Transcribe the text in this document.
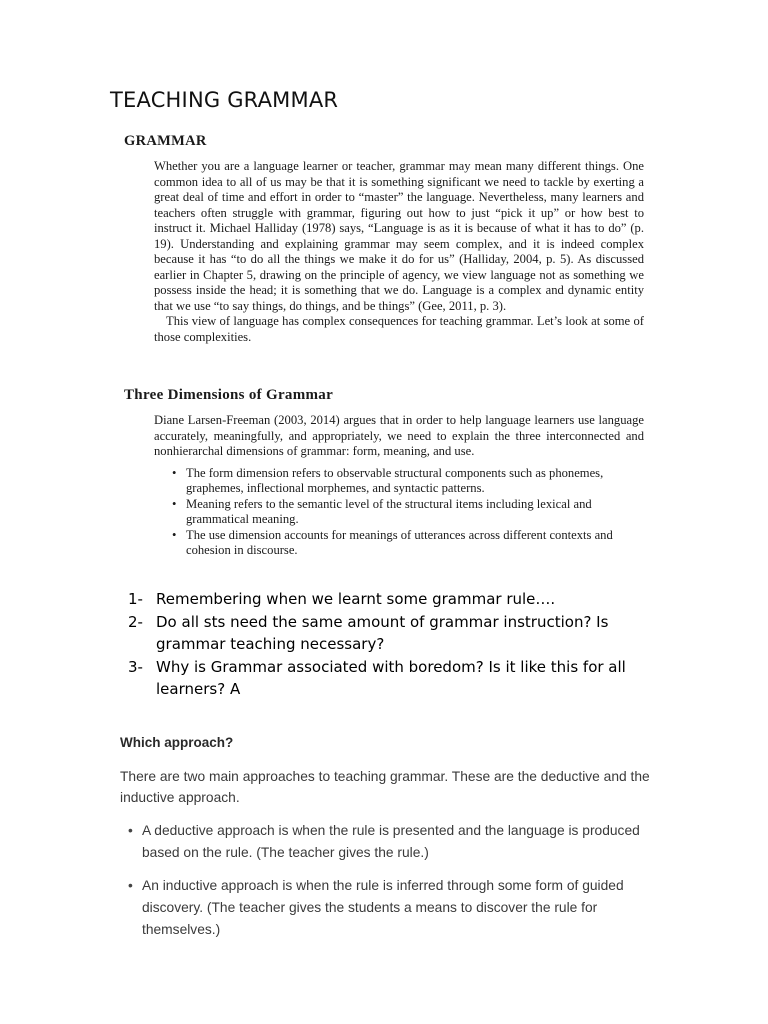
TEACHING GRAMMAR
GRAMMAR

Whether you are a language learner or teacher, grammar may mean many different things. One common idea to all of us may be that it is something significant we need to tackle by exerting a great deal of time and effort in order to “master” the language. Nevertheless, many learners and teachers often struggle with grammar, figuring out how to just “pick it up” or how best to instruct it. Michael Halliday (1978) says, “Language is as it is because of what it has to do” (p. 19). Understanding and explaining grammar may seem complex, and it is indeed complex because it has “to do all the things we make it do for us” (Halliday, 2004, p. 5). As discussed earlier in Chapter 5, drawing on the principle of agency, we view language not as something we possess inside the head; it is something that we do. Language is a complex and dynamic entity that we use “to say things, do things, and be things” (Gee, 2011, p. 3).

This view of language has complex consequences for teaching grammar. Let’s look at some of those complexities.

Three Dimensions of Grammar

Diane Larsen-Freeman (2003, 2014) argues that in order to help language learners use language accurately, meaningfully, and appropriately, we need to explain the three interconnected and nonhierarchal dimensions of grammar: form, meaning, and use.

• The form dimension refers to observable structural components such as phonemes, graphemes, inflectional morphemes, and syntactic patterns.
• Meaning refers to the semantic level of the structural items including lexical and grammatical meaning.
• The use dimension accounts for meanings of utterances across different contexts and cohesion in discourse.
1- Remembering when we learnt some grammar rule….
2- Do all sts need the same amount of grammar instruction? Is grammar teaching necessary?
3- Why is Grammar associated with boredom? Is it like this for all learners? A
Which approach?

There are two main approaches to teaching grammar. These are the deductive and the inductive approach.

• A deductive approach is when the rule is presented and the language is produced based on the rule. (The teacher gives the rule.)
• An inductive approach is when the rule is inferred through some form of guided discovery. (The teacher gives the students a means to discover the rule for themselves.)
